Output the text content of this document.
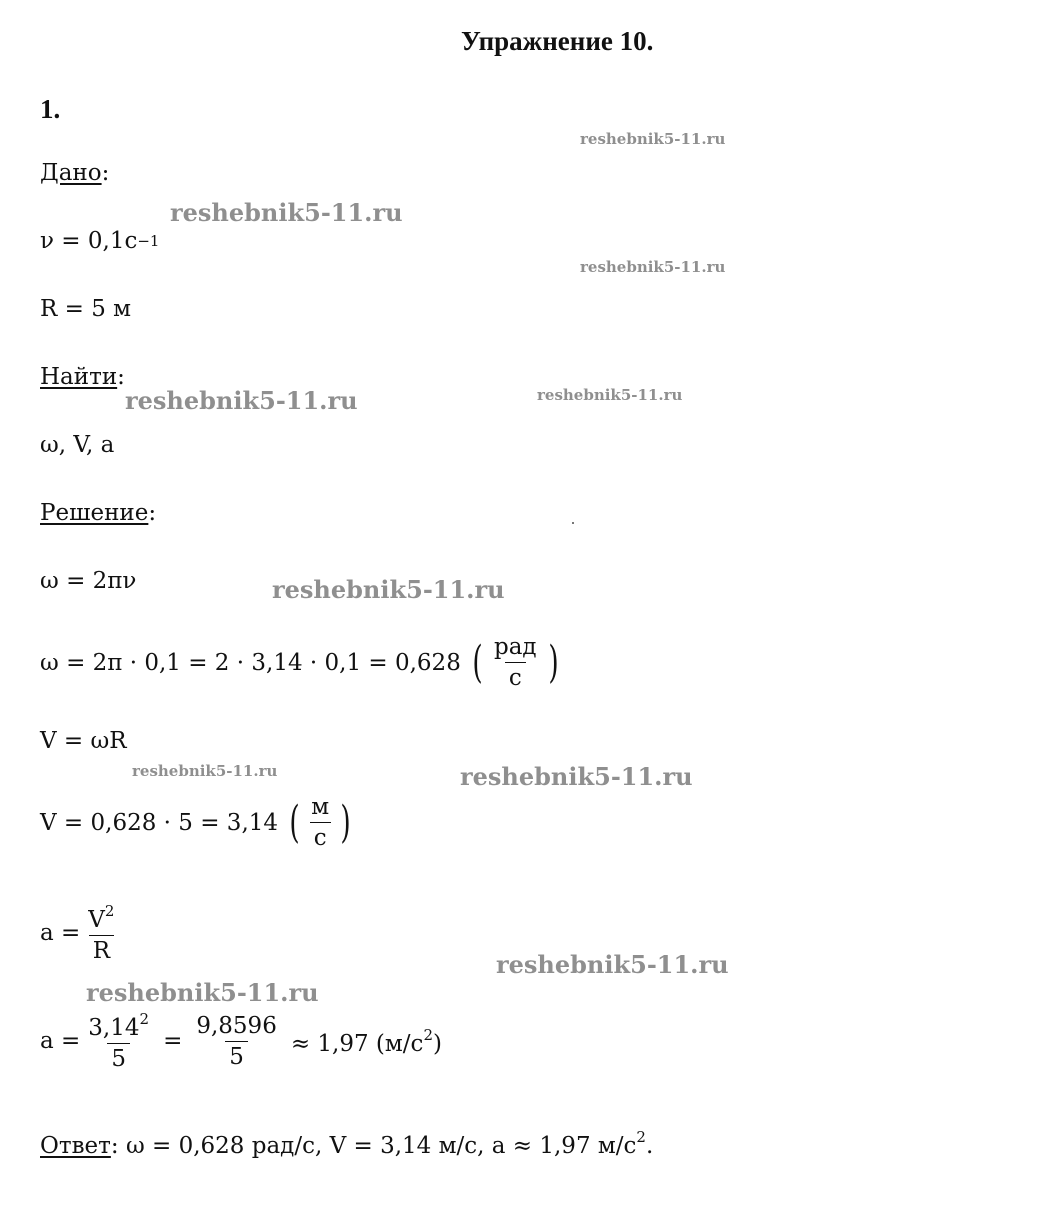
Упражнение 10.
1.
Дано:
ν = 0,1с −1
R = 5 м
Найти:
ω, V, a
Решение:
ω = 2πν
ω = 2π · 0,1 = 2 · 3,14 · 0,1 = 0,628 ( $\frac{\text{рад}}{с}$ )
V = ωR
V = 0,628 · 5 = 3,14 ( $\frac{м}{с}$ )
$a = \frac{V^2}{R}$
$a = \frac{3,14^2}{5} = \frac{9,8596}{5} \approx 1,97$ $(м/с^2)$
Ответ: ω = 0,628 рад/с, V = 3,14 м/с, a ≈ 1,97 $м/с^2$.
reshebnik5-11.ru
reshebnik5-11.ru
reshebnik5-11.ru
reshebnik5-11.ru	reshebnik5-11.ru
reshebnik5-11.ru
reshebnik5-11.ru	reshebnik5-11.ru
reshebnik5-11.ru
reshebnik5-11.ru
